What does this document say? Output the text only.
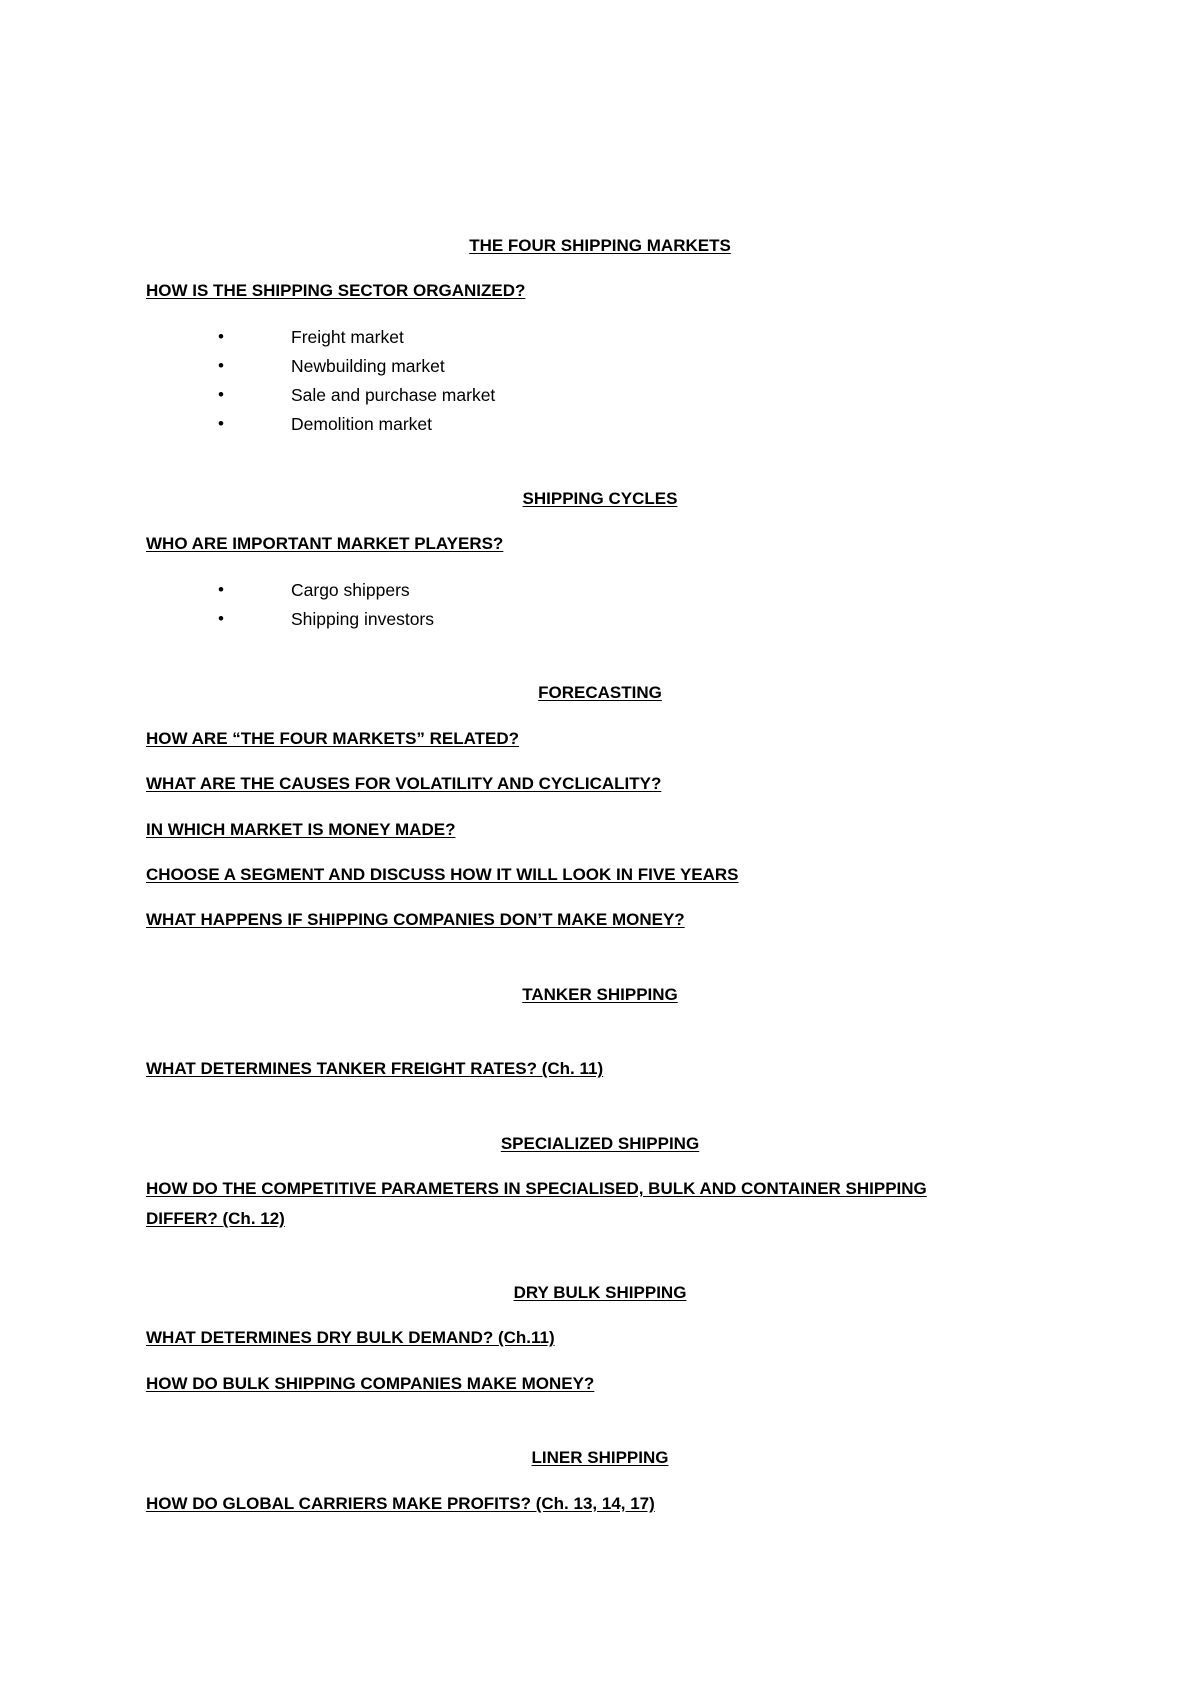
THE FOUR SHIPPING MARKETS
HOW IS THE SHIPPING SECTOR ORGANIZED?
•	Freight market
•	Newbuilding market
•	Sale and purchase market
•	Demolition market
SHIPPING CYCLES
WHO ARE IMPORTANT MARKET PLAYERS?
•	Cargo shippers
•	Shipping investors
FORECASTING
HOW ARE “THE FOUR MARKETS” RELATED?
WHAT ARE THE CAUSES FOR VOLATILITY AND CYCLICALITY?
IN WHICH MARKET IS MONEY MADE?
CHOOSE A SEGMENT AND DISCUSS HOW IT WILL LOOK IN FIVE YEARS
WHAT HAPPENS IF SHIPPING COMPANIES DON’T MAKE MONEY?
TANKER SHIPPING
WHAT DETERMINES TANKER FREIGHT RATES? (Ch. 11)
SPECIALIZED SHIPPING
HOW DO THE COMPETITIVE PARAMETERS IN SPECIALISED, BULK AND CONTAINER SHIPPING
DIFFER? (Ch. 12)
DRY BULK SHIPPING
WHAT DETERMINES DRY BULK DEMAND? (Ch.11)
HOW DO BULK SHIPPING COMPANIES MAKE MONEY?
LINER SHIPPING
HOW DO GLOBAL CARRIERS MAKE PROFITS? (Ch. 13, 14, 17)
